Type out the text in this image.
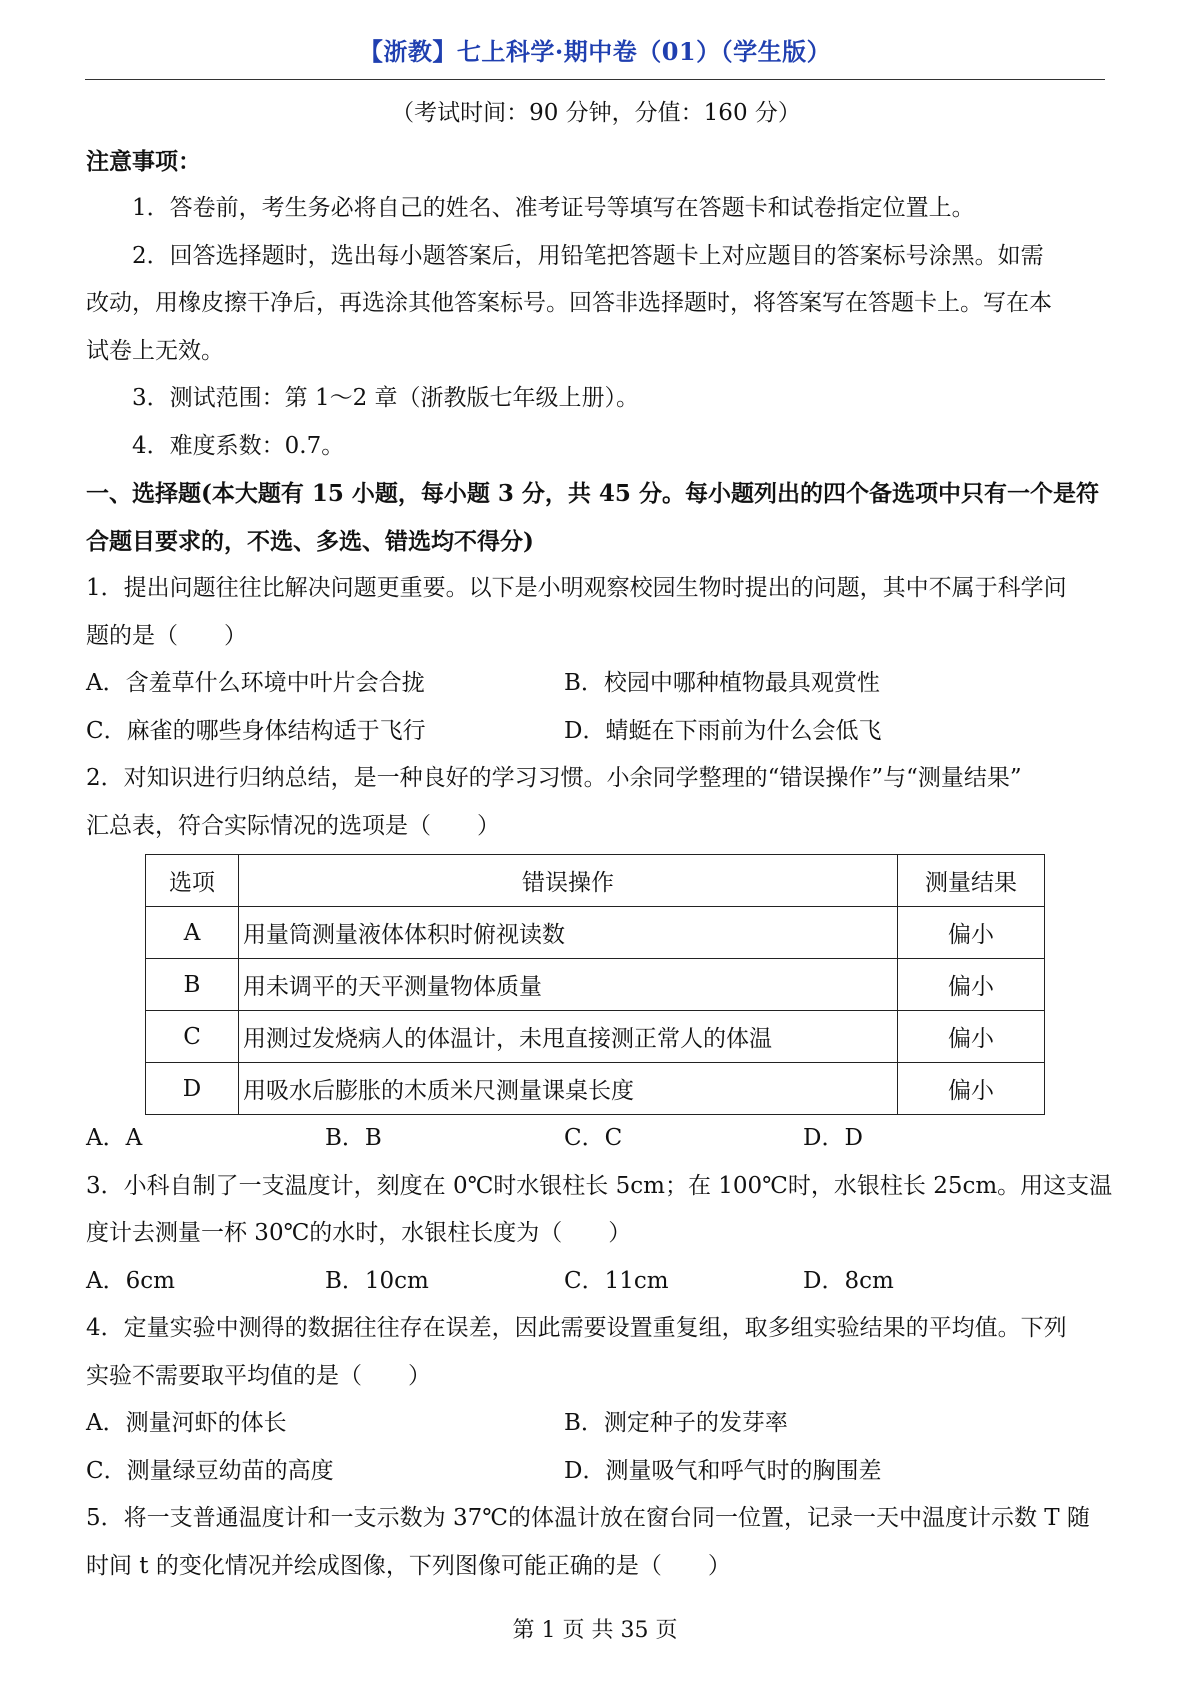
【浙教】七上科学·期中卷（01）（学生版）
（考试时间：90 分钟，分值：160 分）
注意事项：
1．答卷前，考生务必将自己的姓名、准考证号等填写在答题卡和试卷指定位置上。
2．回答选择题时，选出每小题答案后，用铅笔把答题卡上对应题目的答案标号涂黑。如需
改动，用橡皮擦干净后，再选涂其他答案标号。回答非选择题时，将答案写在答题卡上。写在本
试卷上无效。
3．测试范围：第 1～2 章（浙教版七年级上册）。
4．难度系数：0.7。
一、选择题(本大题有 15 小题，每小题 3 分，共 45 分。每小题列出的四个备选项中只有一个是符
合题目要求的，不选、多选、错选均不得分)
1．提出问题往往比解决问题更重要。以下是小明观察校园生物时提出的问题，其中不属于科学问
题的是（　　）
A．含羞草什么环境中叶片会合拢	B．校园中哪种植物最具观赏性
C．麻雀的哪些身体结构适于飞行	D．蜻蜓在下雨前为什么会低飞
2．对知识进行归纳总结，是一种良好的学习习惯。小余同学整理的“错误操作”与“测量结果”
汇总表，符合实际情况的选项是（　　）
选项	错误操作	测量结果
A	用量筒测量液体体积时俯视读数	偏小
B	用未调平的天平测量物体质量	偏小
C	用测过发烧病人的体温计，未甩直接测正常人的体温	偏小
D	用吸水后膨胀的木质米尺测量课桌长度	偏小
A．A	B．B	C．C	D．D
3．小科自制了一支温度计，刻度在 0℃时水银柱长 5cm；在 100℃时，水银柱长 25cm。用这支温
度计去测量一杯 30℃的水时，水银柱长度为（　　）
A．6cm	B．10cm	C．11cm	D．8cm
4．定量实验中测得的数据往往存在误差，因此需要设置重复组，取多组实验结果的平均值。下列
实验不需要取平均值的是（　　）
A．测量河虾的体长	B．测定种子的发芽率
C．测量绿豆幼苗的高度	D．测量吸气和呼气时的胸围差
5．将一支普通温度计和一支示数为 37℃的体温计放在窗台同一位置，记录一天中温度计示数 T 随
时间 t 的变化情况并绘成图像，下列图像可能正确的是（　　）
第 1 页 共 35 页
